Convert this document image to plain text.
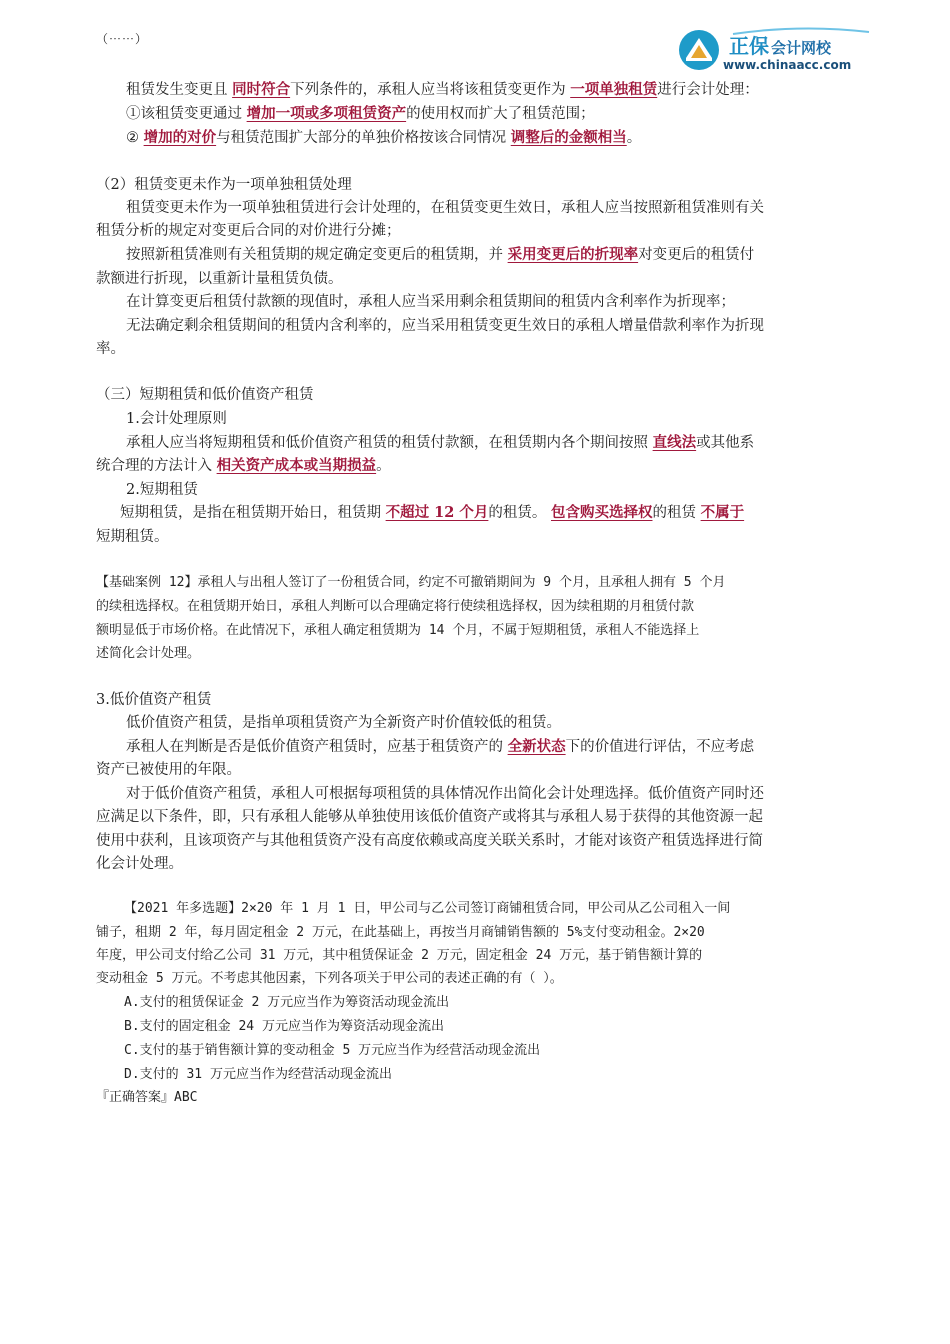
正保 会计网校
www.chinaacc.com
（⋯⋯）
租赁发生变更且 同时符合下列条件的，承租人应当将该租赁变更作为 一项单独租赁进行会计处理：
①该租赁变更通过 增加一项或多项租赁资产的使用权而扩大了租赁范围；
② 增加的对价与租赁范围扩大部分的单独价格按该合同情况 调整后的金额相当。
（2）租赁变更未作为一项单独租赁处理
租赁变更未作为一项单独租赁进行会计处理的，在租赁变更生效日，承租人应当按照新租赁准则有关
租赁分析的规定对变更后合同的对价进行分摊；
按照新租赁准则有关租赁期的规定确定变更后的租赁期，并 采用变更后的折现率对变更后的租赁付
款额进行折现，以重新计量租赁负债。
在计算变更后租赁付款额的现值时，承租人应当采用剩余租赁期间的租赁内含利率作为折现率；
无法确定剩余租赁期间的租赁内含利率的，应当采用租赁变更生效日的承租人增量借款利率作为折现
率。
（三）短期租赁和低价值资产租赁
1.会计处理原则
承租人应当将短期租赁和低价值资产租赁的租赁付款额，在租赁期内各个期间按照 直线法或其他系
统合理的方法计入 相关资产成本或当期损益。
2.短期租赁
短期租赁，是指在租赁期开始日，租赁期 不超过 12 个月的租赁。 包含购买选择权的租赁 不属于
【基础案例 12】承租人与出租人签订了一份租赁合同，约定不可撤销期间为 9 个月，且承租人拥有 5 个月
短期租赁。
的续租选择权。在租赁期开始日，承租人判断可以合理确定将行使续租选择权，因为续租期的月租赁付款
额明显低于市场价格。在此情况下，承租人确定租赁期为 14 个月，不属于短期租赁，承租人不能选择上
述简化会计处理。
3.低价值资产租赁
低价值资产租赁，是指单项租赁资产为全新资产时价值较低的租赁。
承租人在判断是否是低价值资产租赁时，应基于租赁资产的 全新状态下的价值进行评估，不应考虑
资产已被使用的年限。
对于低价值资产租赁，承租人可根据每项租赁的具体情况作出简化会计处理选择。低价值资产同时还
应满足以下条件，即，只有承租人能够从单独使用该低价值资产或将其与承租人易于获得的其他资源一起
使用中获利，且该项资产与其他租赁资产没有高度依赖或高度关联关系时，才能对该资产租赁选择进行简
化会计处理。
【2021 年多选题】2×20 年 1 月 1 日，甲公司与乙公司签订商铺租赁合同，甲公司从乙公司租入一间
铺子，租期 2 年，每月固定租金 2 万元，在此基础上，再按当月商铺销售额的 5%支付变动租金。2×20
年度，甲公司支付给乙公司 31 万元，其中租赁保证金 2 万元，固定租金 24 万元，基于销售额计算的
变动租金 5 万元。不考虑其他因素，下列各项关于甲公司的表述正确的有（ ）。
A.支付的租赁保证金 2 万元应当作为筹资活动现金流出
B.支付的固定租金 24 万元应当作为筹资活动现金流出
C.支付的基于销售额计算的变动租金 5 万元应当作为经营活动现金流出
D.支付的 31 万元应当作为经营活动现金流出
『正确答案』ABC
